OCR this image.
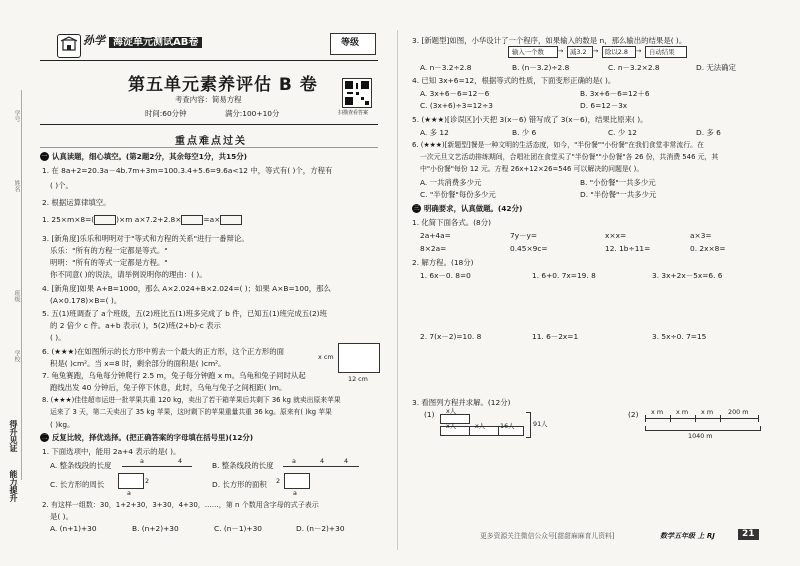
学号
姓名
班级
学校
得升见证
能力提升
孙学 海淀单元测试AB卷	等级
第五单元素养评估 B 卷
考查内容：简易方程
时间:60分钟	满分:100+10分	扫描查看答案
重点难点过关
一 认真读题，细心填空。(第2题2分，其余每空1分，共15分)
1. 在 8a+2=20.3a－4b.7m+3m=100.3.4+5.6=9.6a<12 中，等式有( )个，方程有
( )个。
2. 根据运算律填空。
1. 25×m×8=(	)×m a×7.2+2.8×	=a×
3. [新角度]乐乐和明明对于"等式和方程的关系"进行一番辩论。
乐乐："所有的方程一定都是等式。"
明明："所有的等式一定都是方程。"
你不同意( )的说法，请举例说明你的理由：( )。
4. [新角度]如果 A+B=1000，那么 A×2.024+B×2.024=( )；如果 A×B=100，那么
(A×0.178)×B=( )。
5. 五(1)班调查了 a个班级，五(2)班比五(1)班多完成了 b 件，已知五(1)班完成五(2)班
的 2 倍少 c 件。a+b 表示( )，5(2)班(2+b)-c 表示
( )。
6. (★★★)在如图所示的长方形中剪去一个最大的正方形，这个正方形的面
积是( )cm²。当 x=8 时，剩余部分的面积是( )cm²。
x cm
12 cm
7. 龟兔赛跑，乌龟每分钟爬行 2.5 m，兔子每分钟跑 x m。乌龟和兔子同时从起
跑线出发 40 分钟后，兔子停下休息，此时，乌龟与兔子之间相距( )m。
8. (★★★)佳佳超市运进一批苹果共重 120 kg，卖出了若干箱苹果后共剩下 36 kg 就卖出原来苹果
运来了 3 天，第二天卖出了 35 kg 苹果，这时剩下的苹果重量共重 36 kg。原来有( )kg 苹果
( )kg。
二 反复比较，择优选择。(把正确答案的字母填在括号里)(12分)
1. 下面选项中，能用 2a+4 表示的是( )。
A. 整条线段的长度	a	4	B. 整条线段的长度	a	4	4
C. 长方形的周长
a
2	D. 长方形的面积
a
2
2. 有这样一组数：30，1+2+30，3+30，4+30，……，第 n 个数用含字母的式子表示
是( )。
A. (n+1)+30	B. (n+2)+30	C. (n－1)+30	D. (n－2)+30
3. [新题型]如图，小华设计了一个程序，如果输入的数是 n，那么输出的结果是( )。
输入一个数 → 减3.2 → 除以2.8 → 自动结果
A. n－3.2÷2.8	B. (n－3.2)÷2.8	C. n－3.2×2.8	D. 无法确定
4. 已知 3x+6=12，根据等式的性质，下面变形正确的是( )。
A. 3x+6－6=12－6	B. 3x+6－6=12＋6
C. (3x+6)÷3=12÷3	D. 6=12－3x
5. (★★★)[诊误区]小天把 3(x－6) 错写成了 3(x－6)，结果比原来( )。
A. 多 12	B. 少 6	C. 少 12	D. 多 6
6. (★★★)[新题型]餐是一种文明的生活态度，如今，"半份餐""小份餐"在我们食堂非常流行。在
一次元旦文艺活动排练期间，合唱社团在食堂买了"半份餐""小份餐"各 26 份，共消费 546 元，其
中"小份餐"每份 12 元。方程 26x+12×26=546 可以解决的问题是( )。
A. 一共消费多少元	B. "小份餐"一共多少元
C. "半份餐"每份多少元	D. "半份餐"一共多少元
三 明确要求，认真做题。(42分)
1. 化简下面各式。(8分)
2a+4a=	7y－y=	x×x=	a×3=
8×2a=	0.45×9c=	12. 1b÷11=	0. 2x×8=
2. 解方程。(18分)
1. 6x－0. 8=0	1. 6+0. 7x=19. 8	3. 3x+2x－5x=6. 6
2. 7(x－2)=10. 8	11. 6－2x=1	3. 5x÷0. 7=15
3. 看图列方程并求解。(12分)
(1) x人
x人	x人 16人	91人
(2) x m x m x m 200 m
1040 m
更多资源关注微信公众号[甜甜麻麻育儿资料]	数学五年级 上 RJ	21
